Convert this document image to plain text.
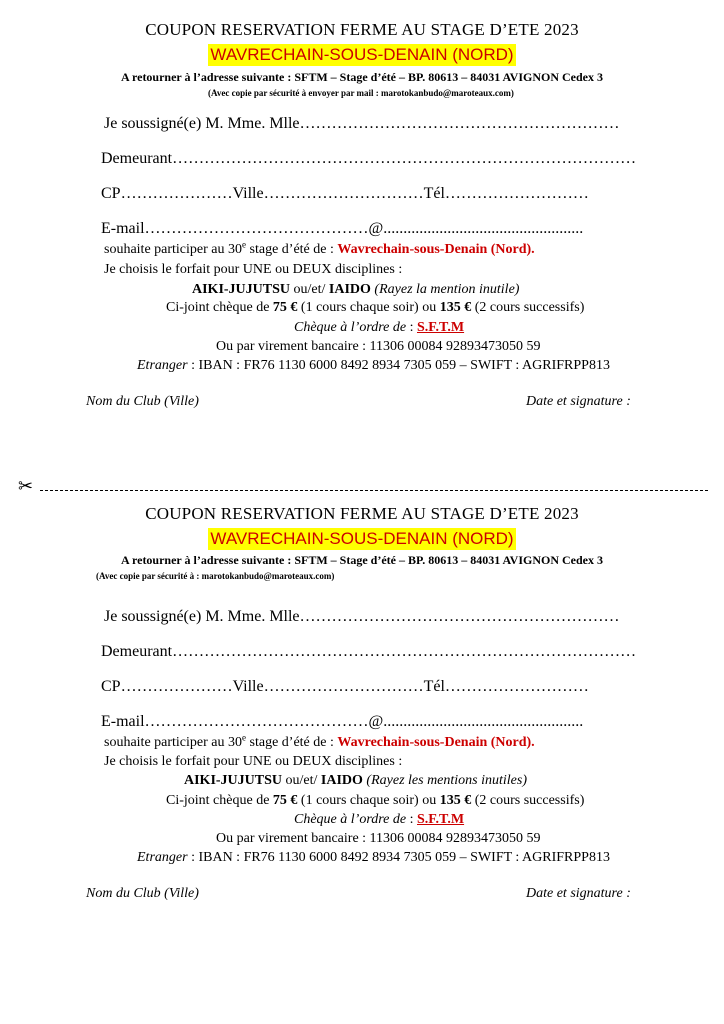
COUPON RESERVATION FERME AU STAGE D’ETE 2023
WAVRECHAIN-SOUS-DENAIN (NORD)
A retourner à l’adresse suivante : SFTM – Stage d’été – BP. 80613 – 84031 AVIGNON Cedex 3
(Avec copie par sécurité à envoyer par mail : marotokanbudo@maroteaux.com)
Je soussigné(e) M. Mme. Mlle……………………………………………………
Demeurant……………………………………………………………………………
CP…………………Ville…………………………Tél………………………
E-mail……………………………………@..................................................
souhaite participer au 30e stage d’été de : Wavrechain-sous-Denain (Nord).
Je choisis le forfait pour UNE ou DEUX disciplines :
AIKI-JUJUTSU ou/et/ IAIDO (Rayez la mention inutile)
Ci-joint chèque de 75 € (1 cours chaque soir) ou 135 € (2 cours successifs)
Chèque à l’ordre de : S.F.T.M
Ou par virement bancaire : 11306 00084 92893473050 59
Etranger : IBAN : FR76 1130 6000 8492 8934 7305 059 – SWIFT : AGRIFRPP813
Nom du Club (Ville)	Date et signature :
✂
COUPON RESERVATION FERME AU STAGE D’ETE 2023
WAVRECHAIN-SOUS-DENAIN (NORD)
A retourner à l’adresse suivante : SFTM – Stage d’été – BP. 80613 – 84031 AVIGNON Cedex 3
(Avec copie par sécurité à : marotokanbudo@maroteaux.com)
Je soussigné(e) M. Mme. Mlle……………………………………………………
Demeurant……………………………………………………………………………
CP…………………Ville…………………………Tél………………………
E-mail……………………………………@..................................................
souhaite participer au 30e stage d’été de : Wavrechain-sous-Denain (Nord).
Je choisis le forfait pour UNE ou DEUX disciplines :
AIKI-JUJUTSU ou/et/ IAIDO (Rayez les mentions inutiles)
Ci-joint chèque de 75 € (1 cours chaque soir) ou 135 € (2 cours successifs)
Chèque à l’ordre de : S.F.T.M
Ou par virement bancaire : 11306 00084 92893473050 59
Etranger : IBAN : FR76 1130 6000 8492 8934 7305 059 – SWIFT : AGRIFRPP813
Nom du Club (Ville)	Date et signature :
